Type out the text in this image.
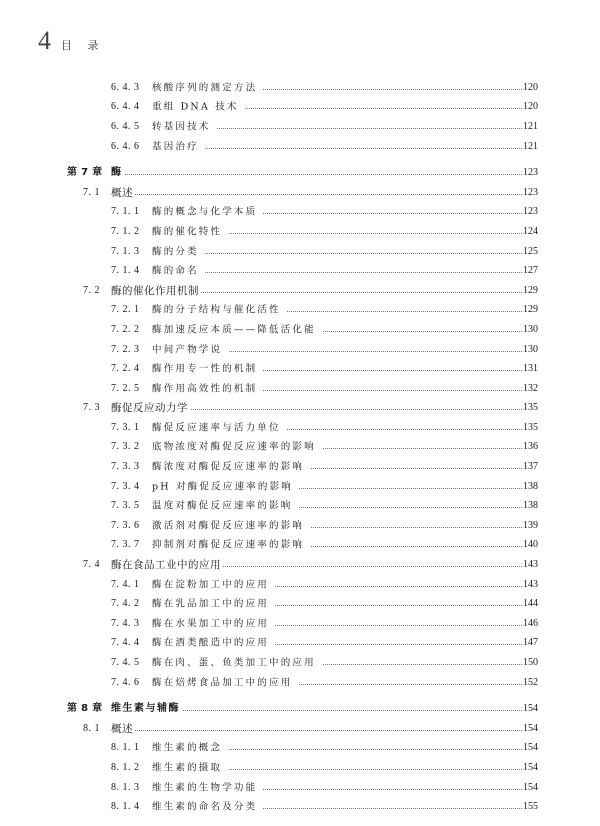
4 目 录
6. 4. 3 核酸序列的测定方法	120
6. 4. 4 重组 DNA 技术	120
6. 4. 5 转基因技术	121
6. 4. 6 基因治疗	121
第 7 章 酶	123
7. 1 概述	123
7. 1. 1 酶的概念与化学本质	123
7. 1. 2 酶的催化特性	124
7. 1. 3 酶的分类	125
7. 1. 4 酶的命名	127
7. 2 酶的催化作用机制	129
7. 2. 1 酶的分子结构与催化活性	129
7. 2. 2 酶加速反应本质——降低活化能	130
7. 2. 3 中间产物学说	130
7. 2. 4 酶作用专一性的机制	131
7. 2. 5 酶作用高效性的机制	132
7. 3 酶促反应动力学	135
7. 3. 1 酶促反应速率与活力单位	135
7. 3. 2 底物浓度对酶促反应速率的影响	136
7. 3. 3 酶浓度对酶促反应速率的影响	137
7. 3. 4 pH 对酶促反应速率的影响	138
7. 3. 5 温度对酶促反应速率的影响	138
7. 3. 6 激活剂对酶促反应速率的影响	139
7. 3. 7 抑制剂对酶促反应速率的影响	140
7. 4 酶在食品工业中的应用	143
7. 4. 1 酶在淀粉加工中的应用	143
7. 4. 2 酶在乳品加工中的应用	144
7. 4. 3 酶在水果加工中的应用	146
7. 4. 4 酶在酒类酿造中的应用	147
7. 4. 5 酶在肉、蛋、鱼类加工中的应用	150
7. 4. 6 酶在焙烤食品加工中的应用	152
第 8 章 维生素与辅酶	154
8. 1 概述	154
8. 1. 1 维生素的概念	154
8. 1. 2 维生素的摄取	154
8. 1. 3 维生素的生物学功能	154
8. 1. 4 维生素的命名及分类	155
